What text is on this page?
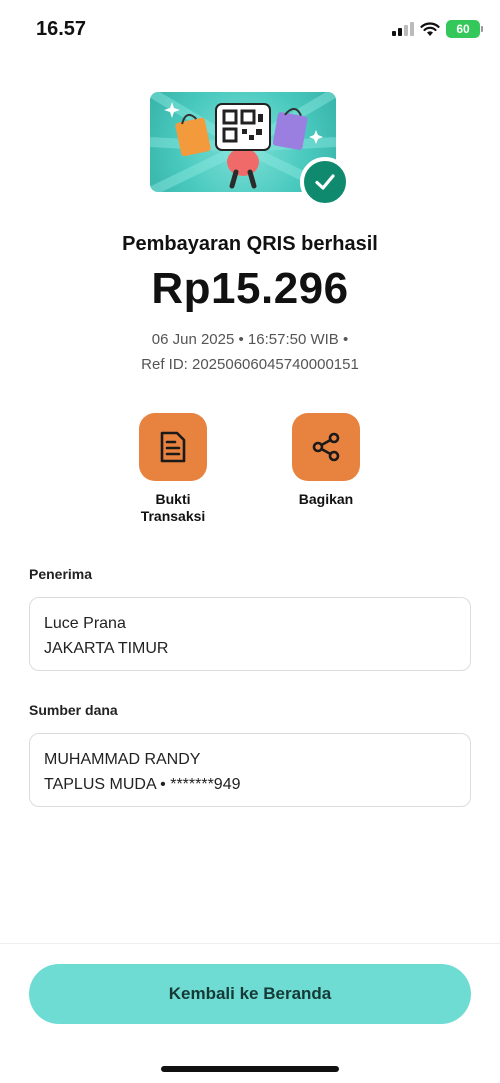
16.57	60
Pembayaran QRIS berhasil
Rp15.296
06 Jun 2025 • 16:57:50 WIB •
Ref ID: 20250606045740000151
Bukti Transaksi
Bagikan
Penerima
Luce Prana
JAKARTA TIMUR
Sumber dana
MUHAMMAD RANDY
TAPLUS MUDA • *******949
Kembali ke Beranda
